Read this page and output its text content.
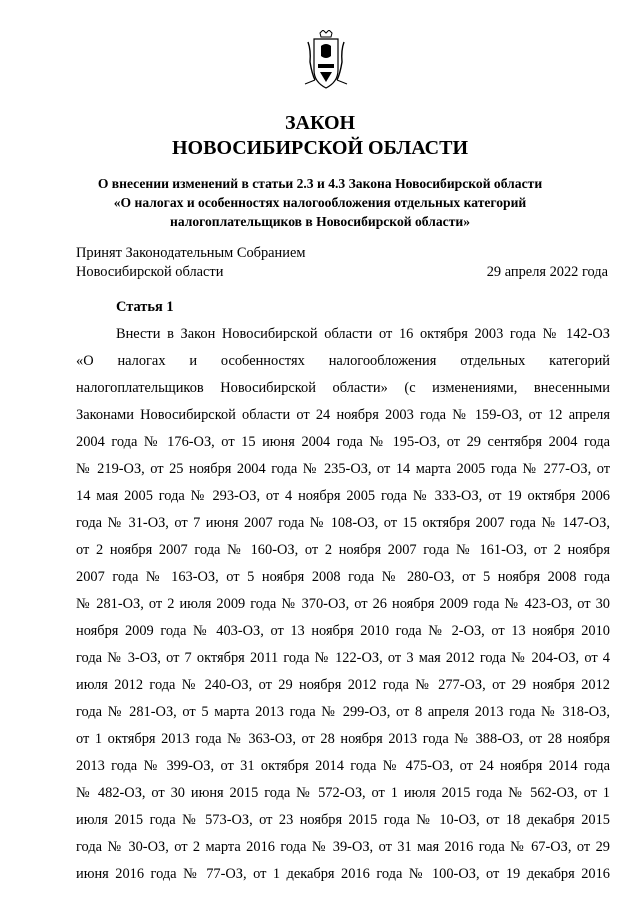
ЗАКОН
НОВОСИБИРСКОЙ ОБЛАСТИ
О внесении изменений в статьи 2.3 и 4.3 Закона Новосибирской области
«О налогах и особенностях налогообложения отдельных категорий
налогоплательщиков в Новосибирской области»
Принят Законодательным Собранием
Новосибирской области	29 апреля 2022 года
Статья 1
Внести в Закон Новосибирской области от 16 октября 2003 года № 142-ОЗ
«О налогах и особенностях налогообложения отдельных категорий
налогоплательщиков Новосибирской области» (с изменениями, внесенными
Законами Новосибирской области от 24 ноября 2003 года № 159-ОЗ, от 12 апреля
2004 года № 176-ОЗ, от 15 июня 2004 года № 195-ОЗ, от 29 сентября 2004 года
№ 219-ОЗ, от 25 ноября 2004 года № 235-ОЗ, от 14 марта 2005 года № 277-ОЗ, от
14 мая 2005 года № 293-ОЗ, от 4 ноября 2005 года № 333-ОЗ, от 19 октября 2006
года № 31-ОЗ, от 7 июня 2007 года № 108-ОЗ, от 15 октября 2007 года № 147-ОЗ,
от 2 ноября 2007 года № 160-ОЗ, от 2 ноября 2007 года № 161-ОЗ, от 2 ноября
2007 года № 163-ОЗ, от 5 ноября 2008 года № 280-ОЗ, от 5 ноября 2008 года
№ 281-ОЗ, от 2 июля 2009 года № 370-ОЗ, от 26 ноября 2009 года № 423-ОЗ, от 30
ноября 2009 года № 403-ОЗ, от 13 ноября 2010 года № 2-ОЗ, от 13 ноября 2010
года № 3-ОЗ, от 7 октября 2011 года № 122-ОЗ, от 3 мая 2012 года № 204-ОЗ, от 4
июля 2012 года № 240-ОЗ, от 29 ноября 2012 года № 277-ОЗ, от 29 ноября 2012
года № 281-ОЗ, от 5 марта 2013 года № 299-ОЗ, от 8 апреля 2013 года № 318-ОЗ,
от 1 октября 2013 года № 363-ОЗ, от 28 ноября 2013 года № 388-ОЗ, от 28 ноября
2013 года № 399-ОЗ, от 31 октября 2014 года № 475-ОЗ, от 24 ноября 2014 года
№ 482-ОЗ, от 30 июня 2015 года № 572-ОЗ, от 1 июля 2015 года № 562-ОЗ, от 1
июля 2015 года № 573-ОЗ, от 23 ноября 2015 года № 10-ОЗ, от 18 декабря 2015
года № 30-ОЗ, от 2 марта 2016 года № 39-ОЗ, от 31 мая 2016 года № 67-ОЗ, от 29
июня 2016 года № 77-ОЗ, от 1 декабря 2016 года № 100-ОЗ, от 19 декабря 2016
